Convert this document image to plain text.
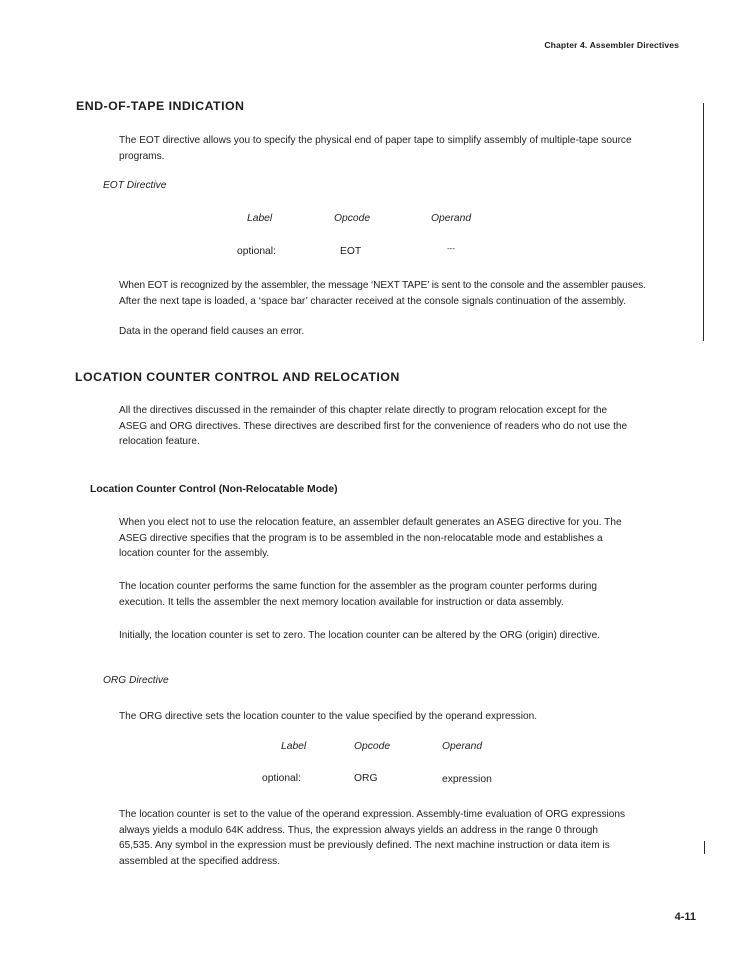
Chapter 4. Assembler Directives
END-OF-TAPE INDICATION
The EOT directive allows you to specify the physical end of paper tape to simplify assembly of multiple-tape source
programs.
EOT Directive
Label	Opcode	Operand
optional:	EOT	---
When EOT is recognized by the assembler, the message ‘NEXT TAPE’ is sent to the console and the assembler pauses.
After the next tape is loaded, a ‘space bar’ character received at the console signals continuation of the assembly.
Data in the operand field causes an error.
LOCATION COUNTER CONTROL AND RELOCATION
All the directives discussed in the remainder of this chapter relate directly to program relocation except for the
ASEG and ORG directives. These directives are described first for the convenience of readers who do not use the
relocation feature.
Location Counter Control (Non-Relocatable Mode)
When you elect not to use the relocation feature, an assembler default generates an ASEG directive for you. The
ASEG directive specifies that the program is to be assembled in the non-relocatable mode and establishes a
location counter for the assembly.
The location counter performs the same function for the assembler as the program counter performs during
execution. It tells the assembler the next memory location available for instruction or data assembly.
Initially, the location counter is set to zero. The location counter can be altered by the ORG (origin) directive.
ORG Directive
The ORG directive sets the location counter to the value specified by the operand expression.
Label	Opcode	Operand
optional:	ORG	expression
The location counter is set to the value of the operand expression. Assembly-time evaluation of ORG expressions
always yields a modulo 64K address. Thus, the expression always yields an address in the range 0 through
65,535. Any symbol in the expression must be previously defined. The next machine instruction or data item is
assembled at the specified address.
4-11
